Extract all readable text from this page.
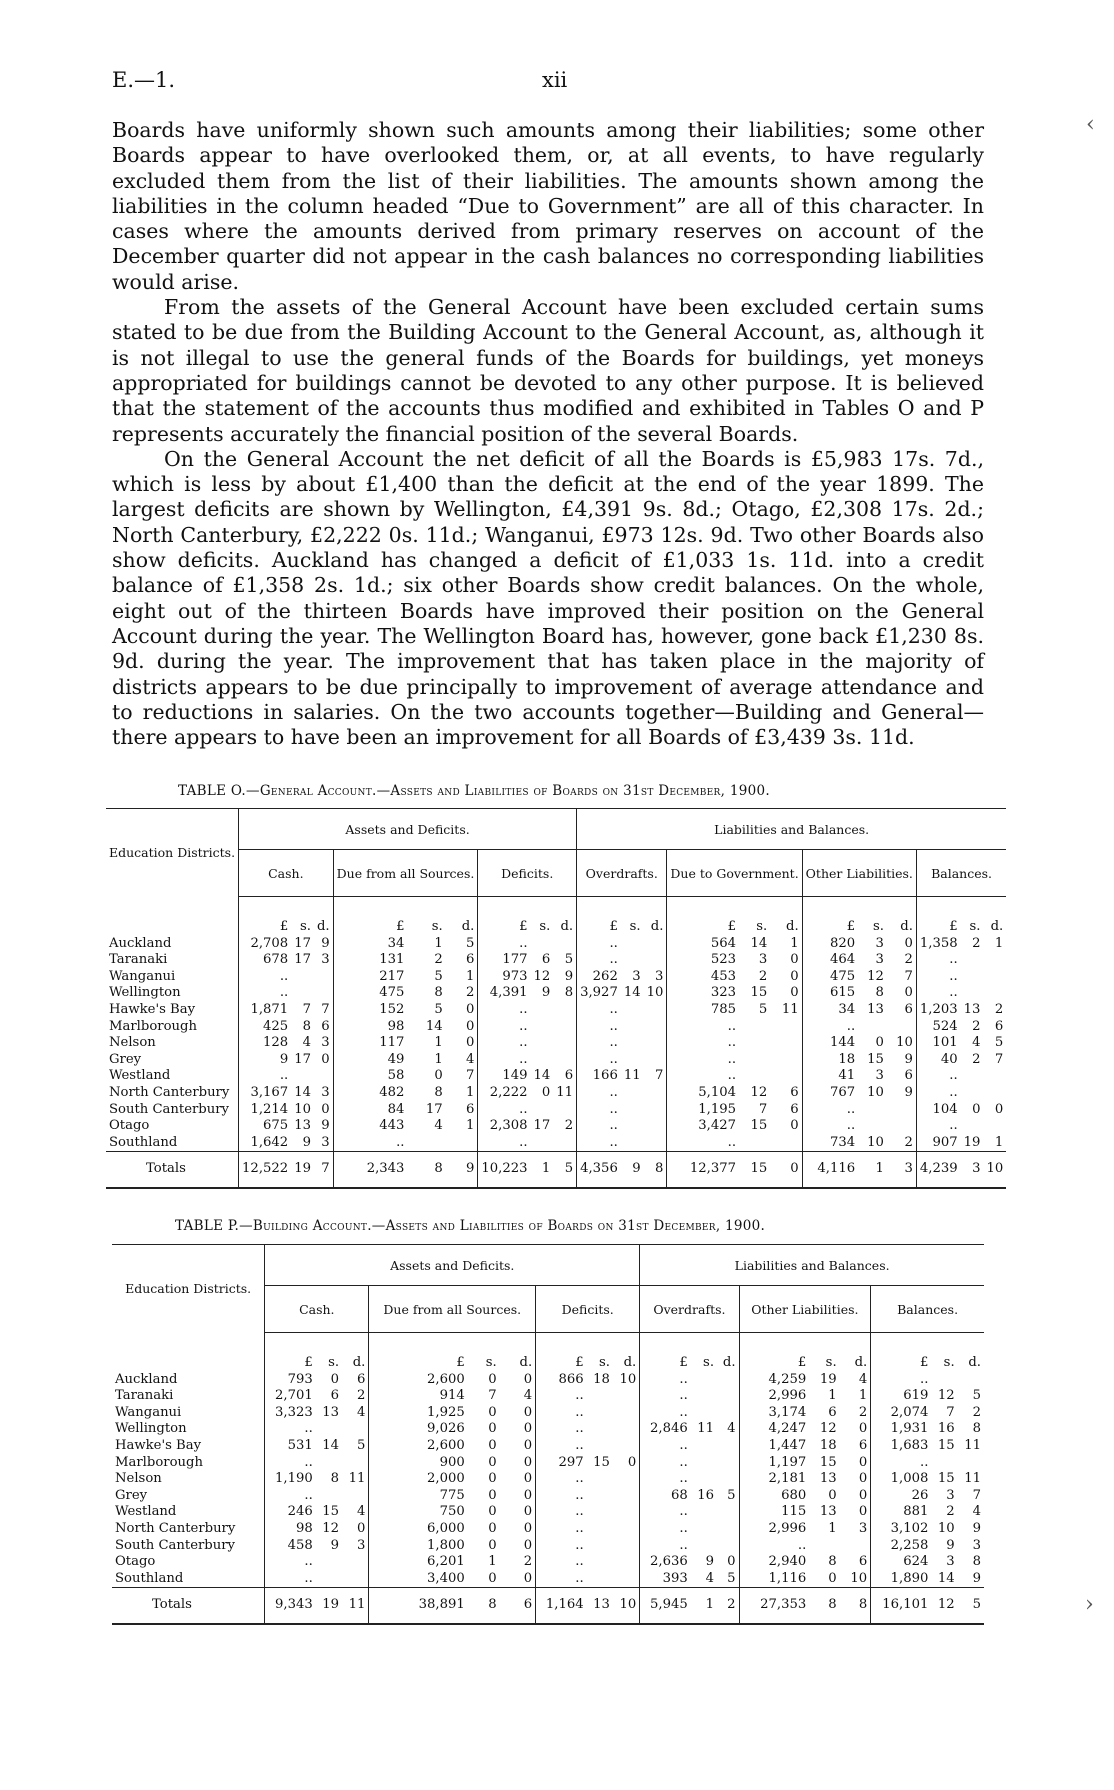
E.—1.	xii

Boards have uniformly shown such amounts among their liabilities; some other Boards appear to have overlooked them, or, at all events, to have regularly excluded them from the list of their liabilities. The amounts shown among the liabilities in the column headed “Due to Government” are all of this character. In cases where the amounts derived from primary reserves on account of the December quarter did not appear in the cash balances no corresponding liabilities would arise.

From the assets of the General Account have been excluded certain sums stated to be due from the Building Account to the General Account, as, although it is not illegal to use the general funds of the Boards for buildings, yet moneys appropriated for buildings cannot be devoted to any other purpose. It is believed that the statement of the accounts thus modified and exhibited in Tables O and P represents accurately the financial position of the several Boards.

On the General Account the net deficit of all the Boards is £5,983 17s. 7d., which is less by about £1,400 than the deficit at the end of the year 1899. The largest deficits are shown by Wellington, £4,391 9s. 8d.; Otago, £2,308 17s. 2d.; North Canterbury, £2,222 0s. 11d.; Wanganui, £973 12s. 9d. Two other Boards also show deficits. Auckland has changed a deficit of £1,033 1s. 11d. into a credit balance of £1,358 2s. 1d.; six other Boards show credit balances. On the whole, eight out of the thirteen Boards have improved their position on the General Account during the year. The Wellington Board has, however, gone back £1,230 8s. 9d. during the year. The improvement that has taken place in the majority of districts appears to be due principally to improvement of average attendance and to reductions in salaries. On the two accounts together—Building and General—there appears to have been an improvement for all Boards of £3,439 3s. 11d.

TABLE O.—General Account.—Assets and Liabilities of Boards on 31st December, 1900.
Education Districts.	Assets and Deficits.									Liabilities and Balances.											
	Cash.			Due from all Sources.			Deficits.			Overdrafts.			Due to Government.			Other Liabilities.			Balances.		
	£	s.	d.	£	s.	d.	£	s.	d.	£	s.	d.	£	s.	d.	£	s.	d.	£	s.	d.
Auckland	2,708	17	9	34	1	5	..			..			564	14	1	820	3	0	1,358	2	1
Taranaki	678	17	3	131	2	6	177	6	5	..			523	3	0	464	3	2	..		
Wanganui	..			217	5	1	973	12	9	262	3	3	453	2	0	475	12	7	..		
Wellington	..			475	8	2	4,391	9	8	3,927	14	10	323	15	0	615	8	0	..		
Hawke's Bay	1,871	7	7	152	5	0	..			..			785	5	11	34	13	6	1,203	13	2
Marlborough	425	8	6	98	14	0	..			..			..			..			524	2	6
Nelson	128	4	3	117	1	0	..			..			..			144	0	10	101	4	5
Grey	9	17	0	49	1	4	..			..			..			18	15	9	40	2	7
Westland	..			58	0	7	149	14	6	166	11	7	..			41	3	6	..		
North Canterbury	3,167	14	3	482	8	1	2,222	0	11	..			5,104	12	6	767	10	9	..		
South Canterbury	1,214	10	0	84	17	6	..			..			1,195	7	6	..			104	0	0
Otago	675	13	9	443	4	1	2,308	17	2	..			3,427	15	0	..			..		
Southland	1,642	9	3	..			..			..			..			734	10	2	907	19	1
Totals	12,522	19	7	2,343	8	9	10,223	1	5	4,356	9	8	12,377	15	0	4,116	1	3	4,239	3	10
TABLE P.—Building Account.—Assets and Liabilities of Boards on 31st December, 1900.
Education Districts.	Assets and Deficits.									Liabilities and Balances.								
	Cash.			Due from all Sources.			Deficits.			Overdrafts.			Other Liabilities.			Balances.		
	£	s.	d.	£	s.	d.	£	s.	d.	£	s.	d.	£	s.	d.	£	s.	d.
Auckland	793	0	6	2,600	0	0	866	18	10	..			4,259	19	4	..		
Taranaki	2,701	6	2	914	7	4	..			..			2,996	1	1	619	12	5
Wanganui	3,323	13	4	1,925	0	0	..			..			3,174	6	2	2,074	7	2
Wellington	..			9,026	0	0	..			2,846	11	4	4,247	12	0	1,931	16	8
Hawke's Bay	531	14	5	2,600	0	0	..			..			1,447	18	6	1,683	15	11
Marlborough	..			900	0	0	297	15	0	..			1,197	15	0	..		
Nelson	1,190	8	11	2,000	0	0	..			..			2,181	13	0	1,008	15	11
Grey	..			775	0	0	..			68	16	5	680	0	0	26	3	7
Westland	246	15	4	750	0	0	..			..			115	13	0	881	2	4
North Canterbury	98	12	0	6,000	0	0	..			..			2,996	1	3	3,102	10	9
South Canterbury	458	9	3	1,800	0	0	..			..			..			2,258	9	3
Otago	..			6,201	1	2	..			2,636	9	0	2,940	8	6	624	3	8
Southland	..			3,400	0	0	..			393	4	5	1,116	0	10	1,890	14	9
Totals	9,343	19	11	38,891	8	6	1,164	13	10	5,945	1	2	27,353	8	8	16,101	12	5
‹
›
